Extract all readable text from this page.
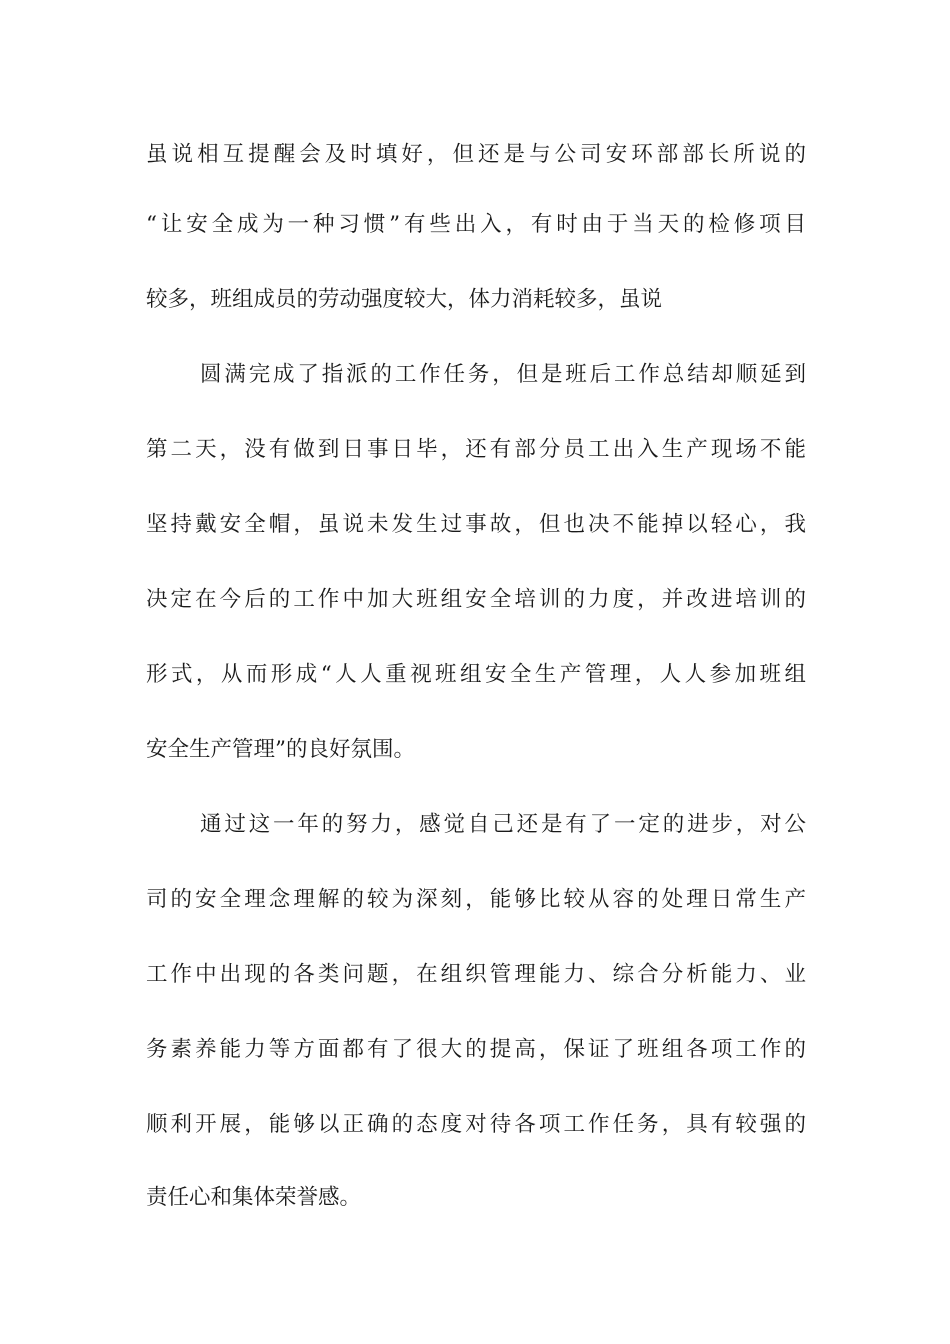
虽说相互提醒会及时填好，但还是与公司安环部部长所说的
“让安全成为一种习惯”有些出入，有时由于当天的检修项目
较多，班组成员的劳动强度较大，体力消耗较多，虽说
圆满完成了指派的工作任务，但是班后工作总结却顺延到
第二天，没有做到日事日毕，还有部分员工出入生产现场不能
坚持戴安全帽，虽说未发生过事故，但也决不能掉以轻心，我
决定在今后的工作中加大班组安全培训的力度，并改进培训的
形式，从而形成“人人重视班组安全生产管理，人人参加班组
安全生产管理”的良好氛围。
通过这一年的努力，感觉自己还是有了一定的进步，对公
司的安全理念理解的较为深刻，能够比较从容的处理日常生产
工作中出现的各类问题，在组织管理能力、综合分析能力、业
务素养能力等方面都有了很大的提高，保证了班组各项工作的
顺利开展，能够以正确的态度对待各项工作任务，具有较强的
责任心和集体荣誉感。
